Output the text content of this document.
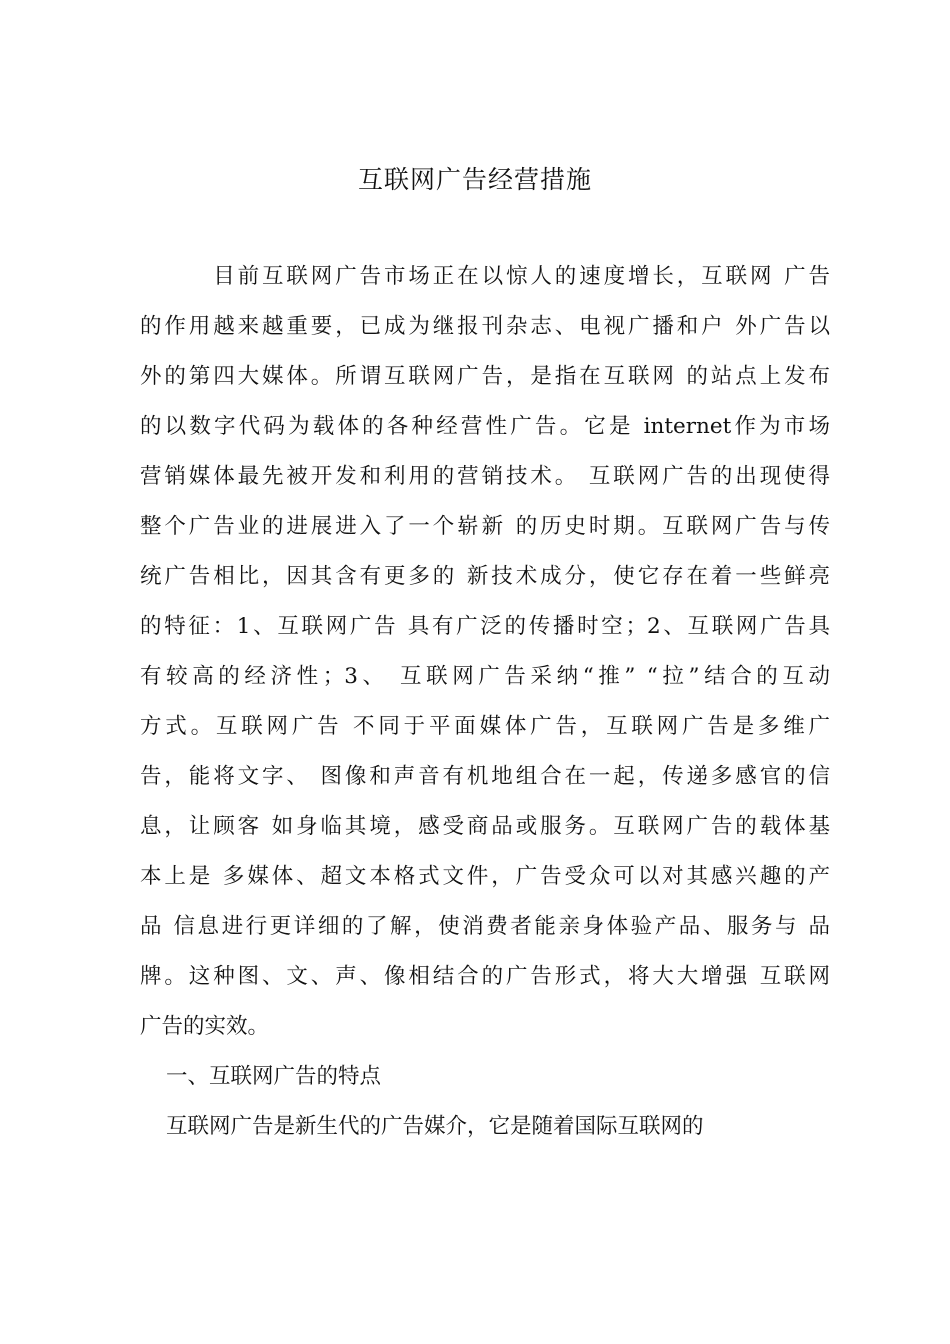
互联网广告经营措施
　　　目前互联网广告市场正在以惊人的速度增长，互联网 广告
的作用越来越重要，已成为继报刊杂志、电视广播和户 外广告以
外的第四大媒体。所谓互联网广告，是指在互联网 的站点上发布
的以数字代码为载体的各种经营性广告。它是 internet作为市场
营销媒体最先被开发和利用的营销技术。 互联网广告的出现使得
整个广告业的进展进入了一个崭新 的历史时期。互联网广告与传
统广告相比，因其含有更多的 新技术成分，使它存在着一些鲜亮
的特征：1、互联网广告 具有广泛的传播时空；2、互联网广告具
有较高的经济性；3、 互联网广告采纳“推” “拉”结合的互动
方式。互联网广告 不同于平面媒体广告，互联网广告是多维广
告，能将文字、 图像和声音有机地组合在一起，传递多感官的信
息，让顾客 如身临其境，感受商品或服务。互联网广告的载体基
本上是 多媒体、超文本格式文件，广告受众可以对其感兴趣的产
品 信息进行更详细的了解，使消费者能亲身体验产品、服务与 品
牌。这种图、文、声、像相结合的广告形式，将大大增强 互联网
广告的实效。
一、互联网广告的特点
互联网广告是新生代的广告媒介，它是随着国际互联网的
